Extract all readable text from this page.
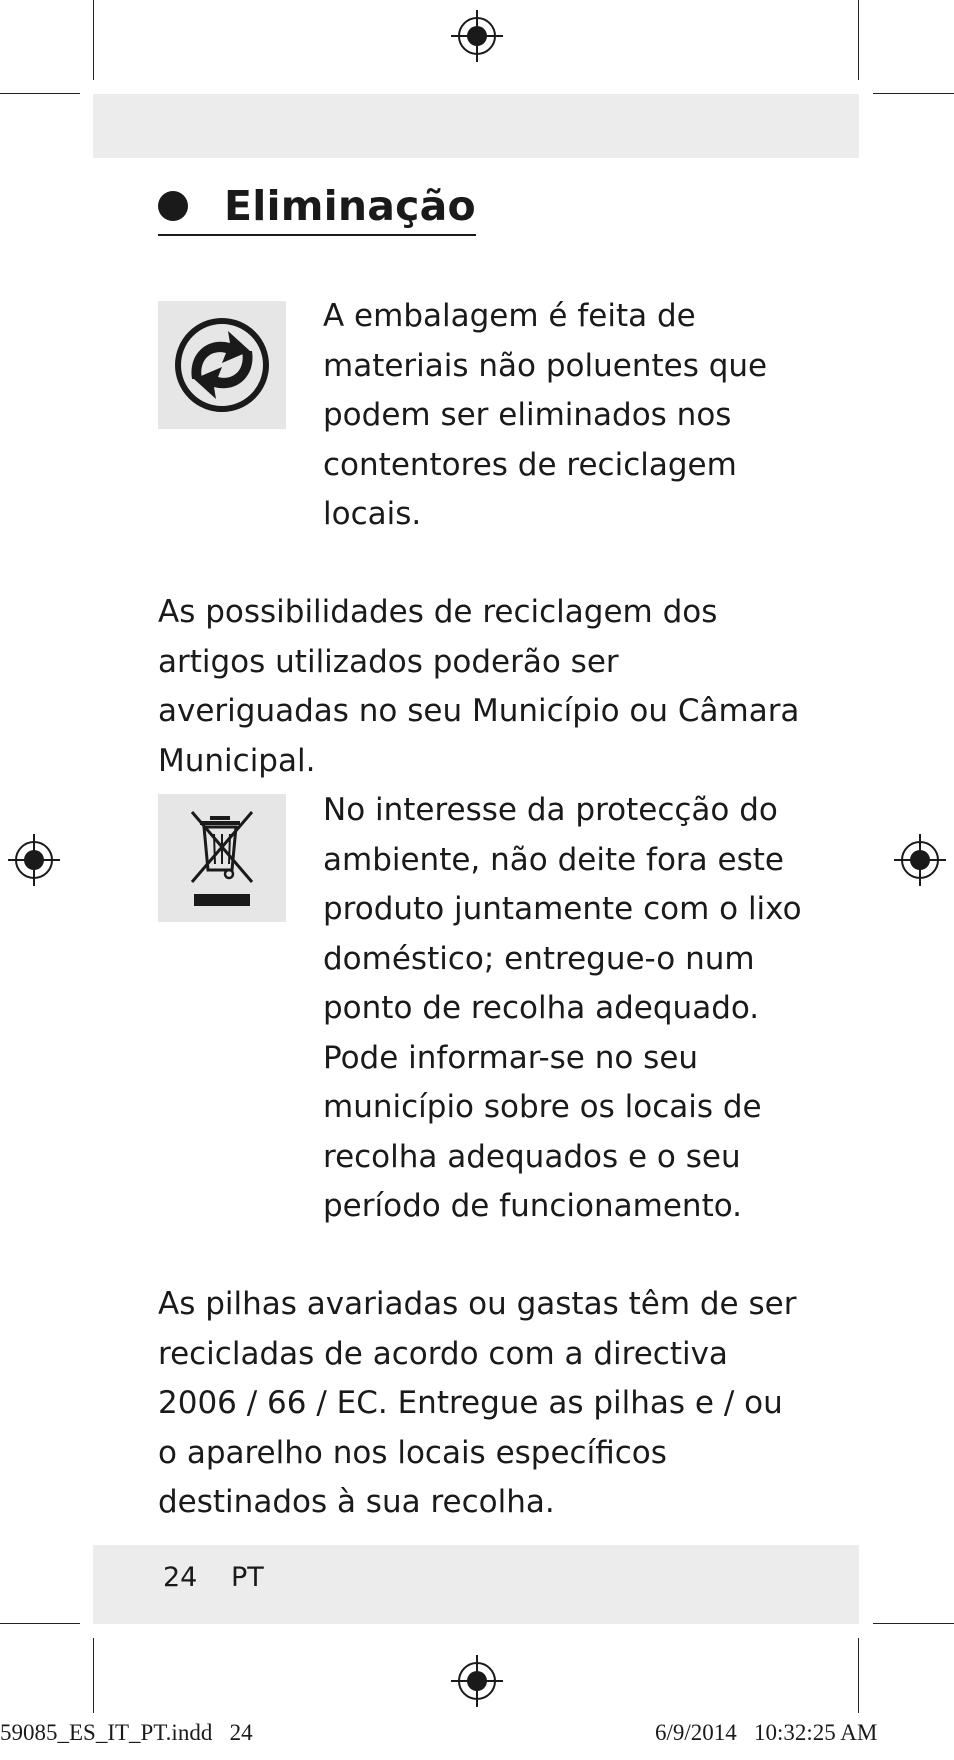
Eliminação

A embalagem é feita de materiais não poluentes que podem ser eliminados nos contentores de reciclagem locais.

As possibilidades de reciclagem dos artigos utilizados poderão ser averiguadas no seu Município ou Câmara Municipal.

No interesse da protecção do ambiente, não deite fora este produto juntamente com o lixo doméstico; entregue-o num ponto de recolha adequado. Pode informar-se no seu município sobre os locais de recolha adequados e o seu período de funcionamento.

As pilhas avariadas ou gastas têm de ser recicladas de acordo com a directiva 2006 / 66 / EC. Entregue as pilhas e / ou o aparelho nos locais específicos destinados à sua recolha.

24 PT
59085_ES_IT_PT.indd   24	6/9/2014   10:32:25 AM
